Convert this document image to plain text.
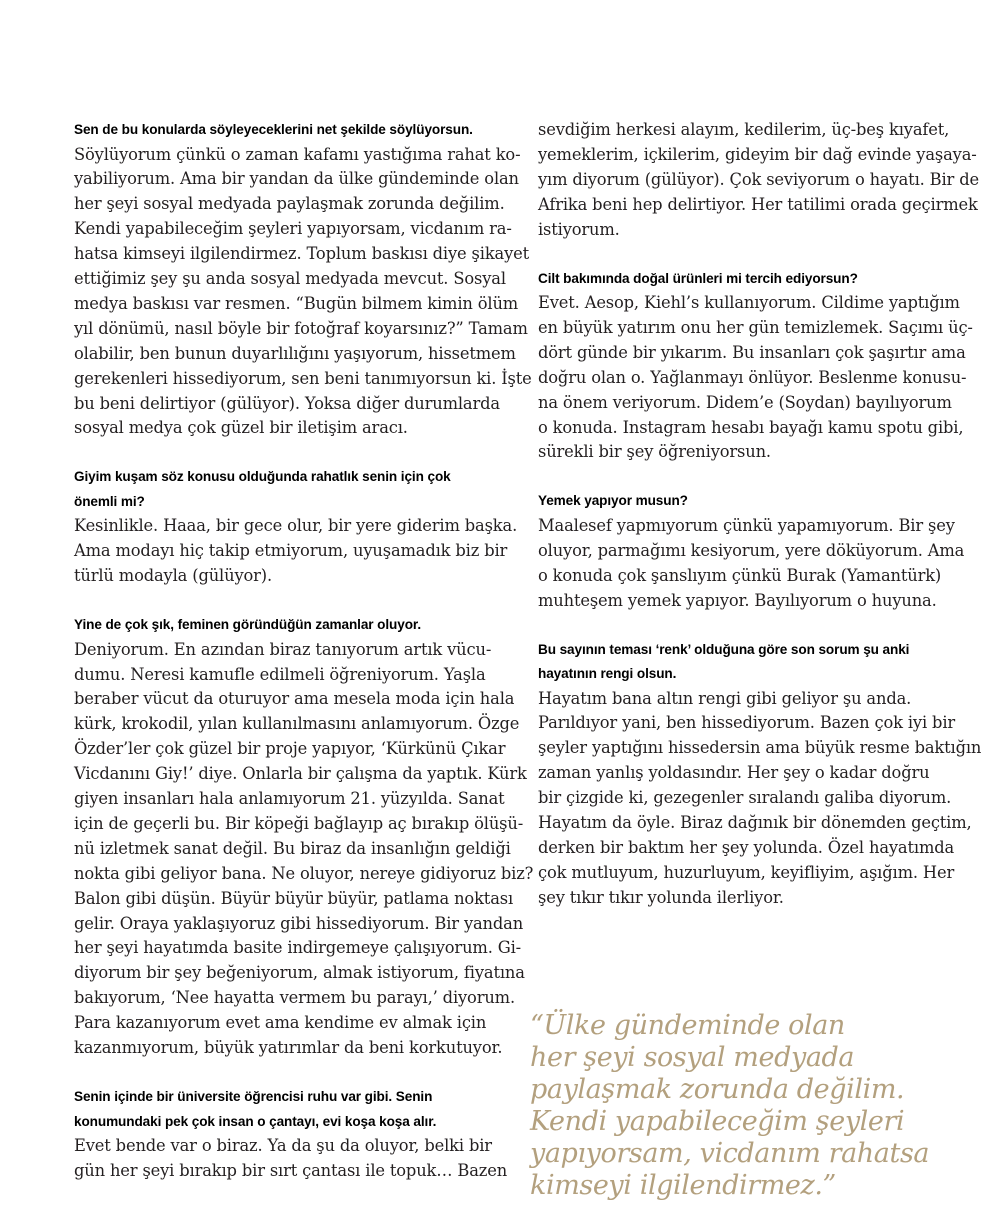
Sen de bu konularda söyleyeceklerini net şekilde söylüyorsun.
Söylüyorum çünkü o zaman kafamı yastığıma rahat ko-
yabiliyorum. Ama bir yandan da ülke gündeminde olan
her şeyi sosyal medyada paylaşmak zorunda değilim.
Kendi yapabileceğim şeyleri yapıyorsam, vicdanım ra-
hatsa kimseyi ilgilendirmez. Toplum baskısı diye şikayet
ettiğimiz şey şu anda sosyal medyada mevcut. Sosyal
medya baskısı var resmen. “Bugün bilmem kimin ölüm
yıl dönümü, nasıl böyle bir fotoğraf koyarsınız?” Tamam
olabilir, ben bunun duyarlılığını yaşıyorum, hissetmem
gerekenleri hissediyorum, sen beni tanımıyorsun ki. İşte
bu beni delirtiyor (gülüyor). Yoksa diğer durumlarda
sosyal medya çok güzel bir iletişim aracı.
Giyim kuşam söz konusu olduğunda rahatlık senin için çok
önemli mi?
Kesinlikle. Haaa, bir gece olur, bir yere giderim başka.
Ama modayı hiç takip etmiyorum, uyuşamadık biz bir
türlü modayla (gülüyor).
Yine de çok şık, feminen göründüğün zamanlar oluyor.
Deniyorum. En azından biraz tanıyorum artık vücu-
dumu. Neresi kamufle edilmeli öğreniyorum. Yaşla
beraber vücut da oturuyor ama mesela moda için hala
kürk, krokodil, yılan kullanılmasını anlamıyorum. Özge
Özder’ler çok güzel bir proje yapıyor, ‘Kürkünü Çıkar
Vicdanını Giy!’ diye. Onlarla bir çalışma da yaptık. Kürk
giyen insanları hala anlamıyorum 21. yüzyılda. Sanat
için de geçerli bu. Bir köpeği bağlayıp aç bırakıp ölüşü-
nü izletmek sanat değil. Bu biraz da insanlığın geldiği
nokta gibi geliyor bana. Ne oluyor, nereye gidiyoruz biz?
Balon gibi düşün. Büyür büyür büyür, patlama noktası
gelir. Oraya yaklaşıyoruz gibi hissediyorum. Bir yandan
her şeyi hayatımda basite indirgemeye çalışıyorum. Gi-
diyorum bir şey beğeniyorum, almak istiyorum, fiyatına
bakıyorum, ‘Nee hayatta vermem bu parayı,’ diyorum.
Para kazanıyorum evet ama kendime ev almak için
kazanmıyorum, büyük yatırımlar da beni korkutuyor.
Senin içinde bir üniversite öğrencisi ruhu var gibi. Senin
konumundaki pek çok insan o çantayı, evi koşa koşa alır.
Evet bende var o biraz. Ya da şu da oluyor, belki bir
gün her şeyi bırakıp bir sırt çantası ile topuk… Bazen
sevdiğim herkesi alayım, kedilerim, üç-beş kıyafet,
yemeklerim, içkilerim, gideyim bir dağ evinde yaşaya-
yım diyorum (gülüyor). Çok seviyorum o hayatı. Bir de
Afrika beni hep delirtiyor. Her tatilimi orada geçirmek
istiyorum.
Cilt bakımında doğal ürünleri mi tercih ediyorsun?
Evet. Aesop, Kiehl’s kullanıyorum. Cildime yaptığım
en büyük yatırım onu her gün temizlemek. Saçımı üç-
dört günde bir yıkarım. Bu insanları çok şaşırtır ama
doğru olan o. Yağlanmayı önlüyor. Beslenme konusu-
na önem veriyorum. Didem’e (Soydan) bayılıyorum
o konuda. Instagram hesabı bayağı kamu spotu gibi,
sürekli bir şey öğreniyorsun.
Yemek yapıyor musun?
Maalesef yapmıyorum çünkü yapamıyorum. Bir şey
oluyor, parmağımı kesiyorum, yere döküyorum. Ama
o konuda çok şanslıyım çünkü Burak (Yamantürk)
muhteşem yemek yapıyor. Bayılıyorum o huyuna.
Bu sayının teması ‘renk’ olduğuna göre son sorum şu anki
hayatının rengi olsun.
Hayatım bana altın rengi gibi geliyor şu anda.
Parıldıyor yani, ben hissediyorum. Bazen çok iyi bir
şeyler yaptığını hissedersin ama büyük resme baktığın
zaman yanlış yoldasındır. Her şey o kadar doğru
bir çizgide ki, gezegenler sıralandı galiba diyorum.
Hayatım da öyle. Biraz dağınık bir dönemden geçtim,
derken bir baktım her şey yolunda. Özel hayatımda
çok mutluyum, huzurluyum, keyifliyim, aşığım. Her
şey tıkır tıkır yolunda ilerliyor.
“Ülke gündeminde olan
her şeyi sosyal medyada
paylaşmak zorunda değilim.
Kendi yapabileceğim şeyleri
yapıyorsam, vicdanım rahatsa
kimseyi ilgilendirmez.”
